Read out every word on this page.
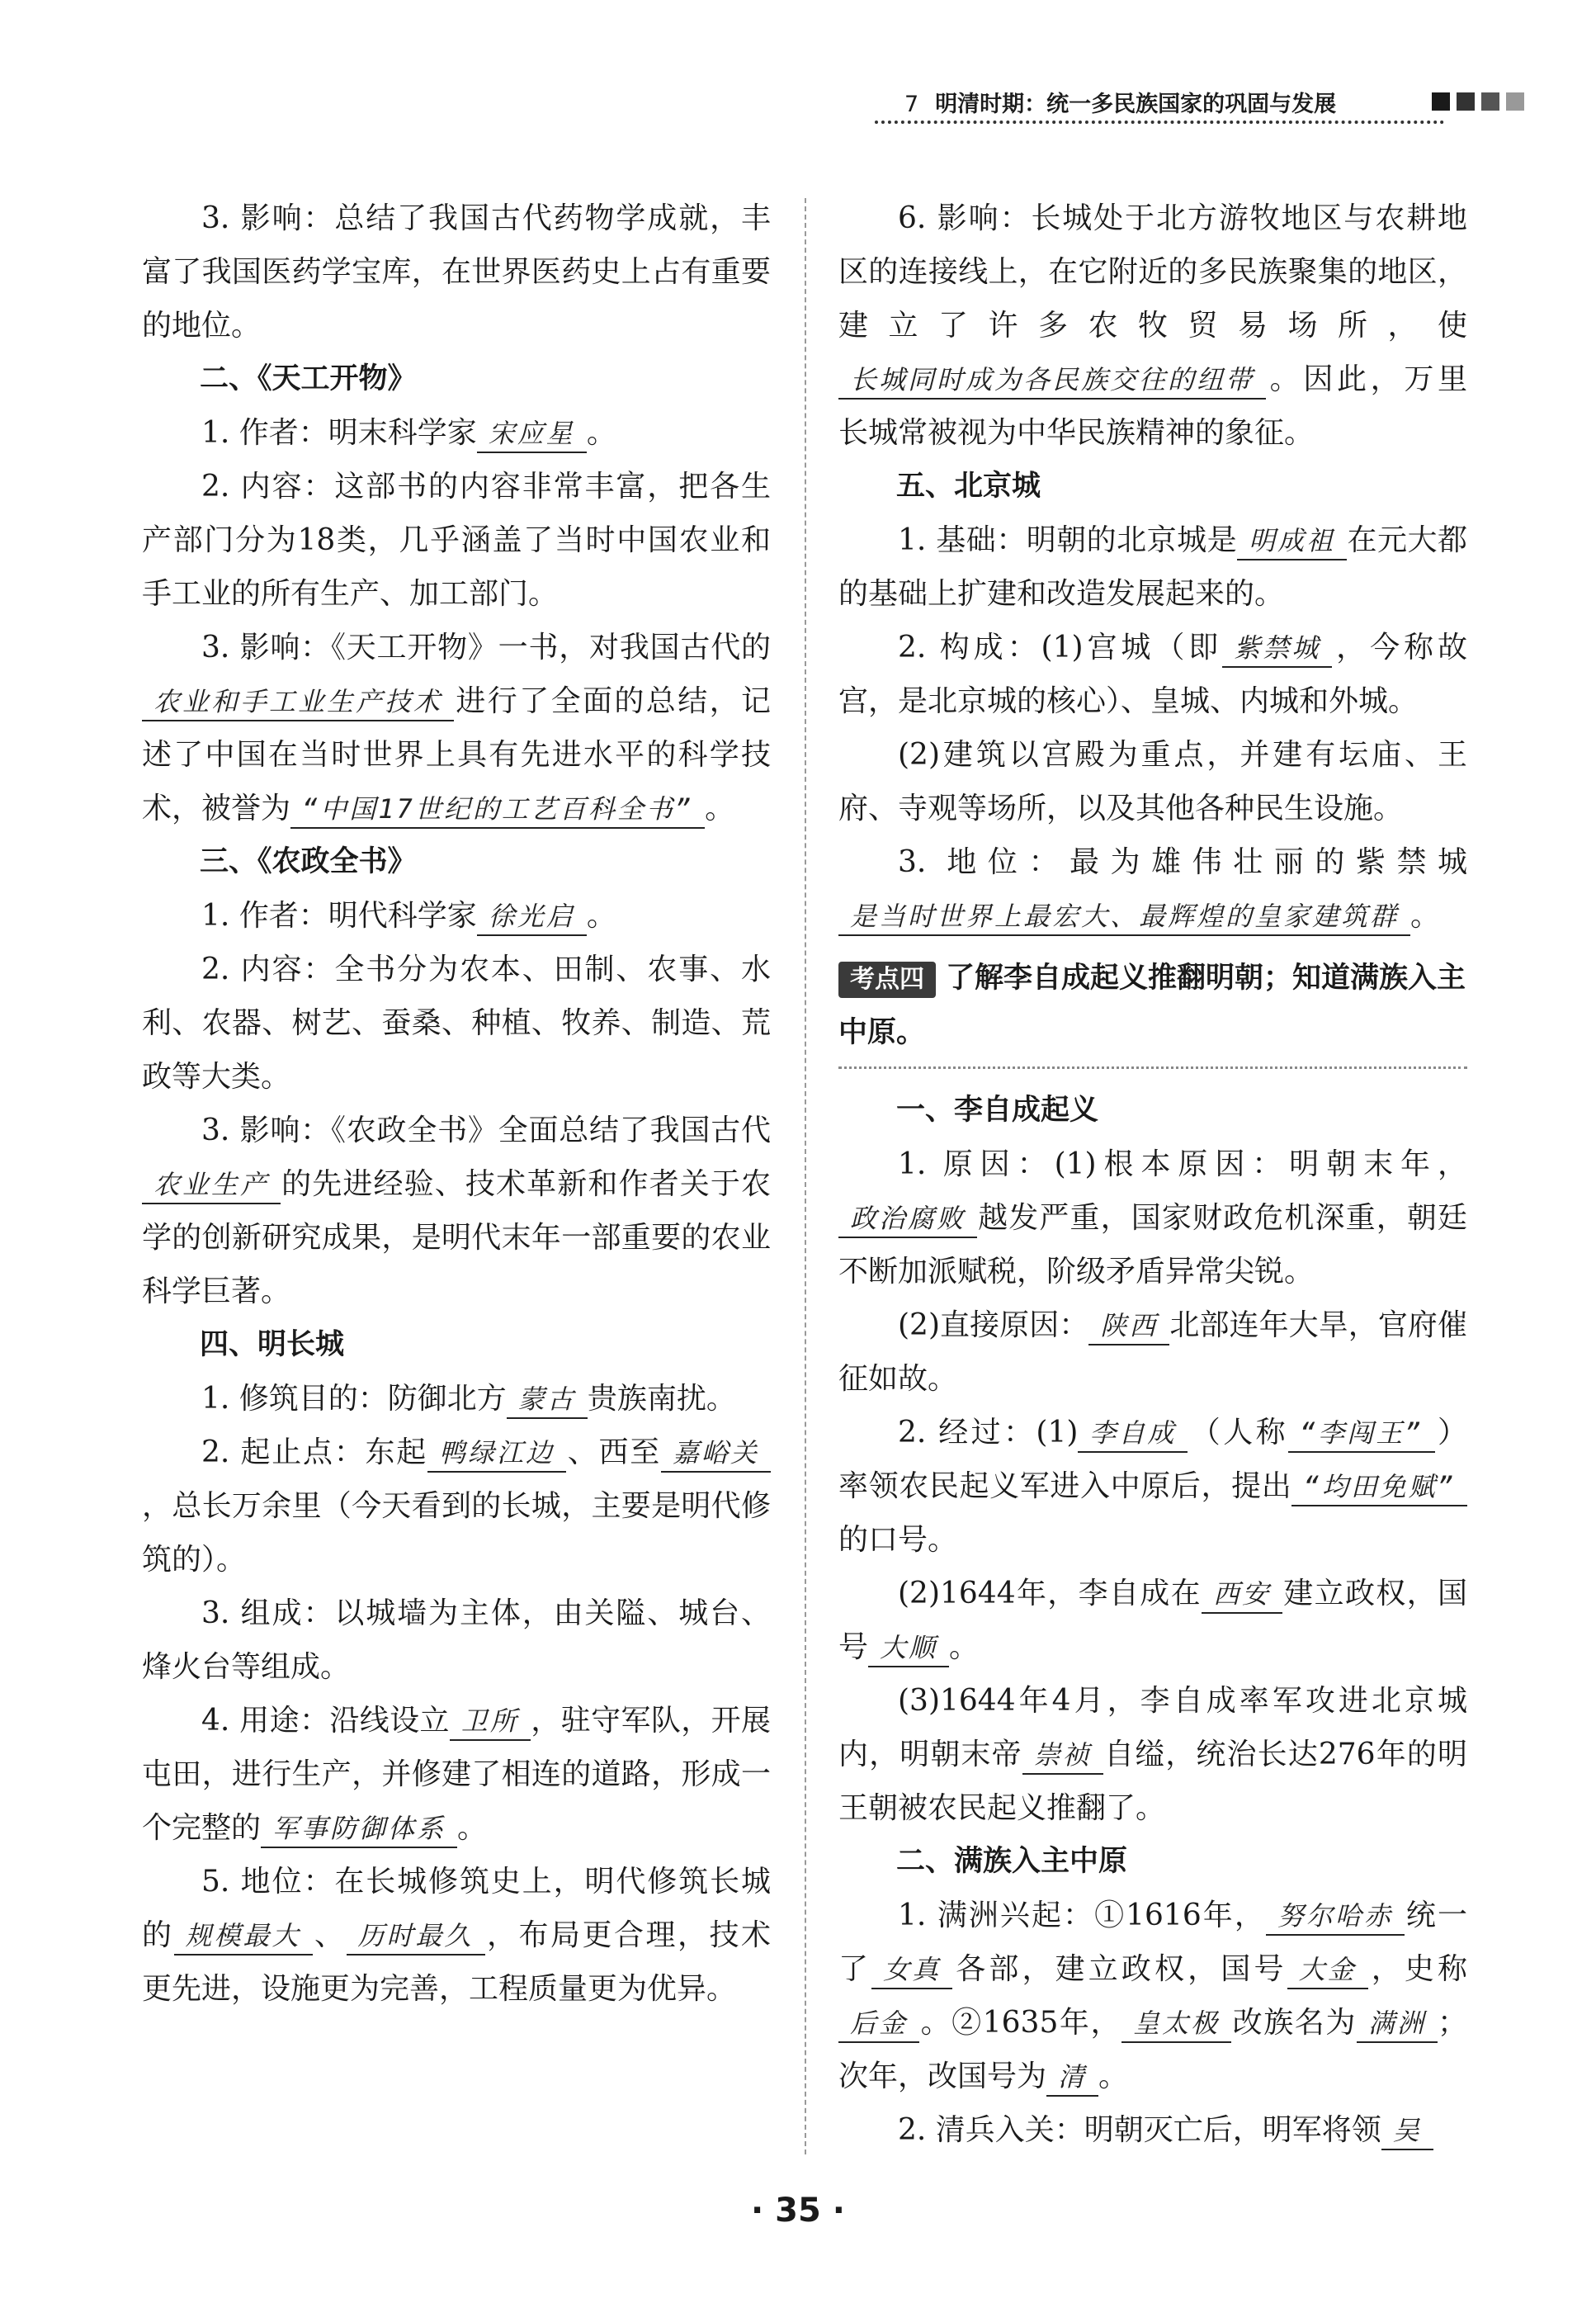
7 明清时期：统一多民族国家的巩固与发展

3. 影响：总结了我国古代药物学成就，丰富了我国医药学宝库，在世界医药史上占有重要的地位。

二、《天工开物》

1. 作者：明末科学家 宋应星 。

2. 内容：这部书的内容非常丰富，把各生产部门分为18类，几乎涵盖了当时中国农业和手工业的所有生产、加工部门。

3. 影响：《天工开物》一书，对我国古代的农业和手工业生产技术 进行了全面的总结，记述了中国在当时世界上具有先进水平的科学技术，被誉为 “中国17世纪的工艺百科全书” 。

三、《农政全书》

1. 作者：明代科学家 徐光启 。

2. 内容：全书分为农本、田制、农事、水利、农器、树艺、蚕桑、种植、牧养、制造、荒政等大类。

3. 影响：《农政全书》全面总结了我国古代农业生产 的先进经验、技术革新和作者关于农学的创新研究成果，是明代末年一部重要的农业科学巨著。

四、明长城

1. 修筑目的：防御北方 蒙古 贵族南扰。

2. 起止点：东起 鸭绿江边 、西至 嘉峪关，总长万余里（今天看到的长城，主要是明代修筑的）。

3. 组成：以城墙为主体，由关隘、城台、烽火台等组成。

4. 用途：沿线设立 卫所 ，驻守军队，开展屯田，进行生产，并修建了相连的道路，形成一个完整的 军事防御体系 。

5. 地位：在长城修筑史上，明代修筑长城的 规模最大 、 历时最久 ，布局更合理，技术更先进，设施更为完善，工程质量更为优异。

6. 影响：长城处于北方游牧地区与农耕地区的连接线上，在它附近的多民族聚集的地区，建立了许多农牧贸易场所，使长城同时成为各民族交往的纽带 。因此，万里长城常被视为中华民族精神的象征。

五、北京城

1. 基础：明朝的北京城是 明成祖 在元大都的基础上扩建和改造发展起来的。

2. 构成：(1)宫城（即 紫禁城 ，今称故宫，是北京城的核心）、皇城、内城和外城。

(2)建筑以宫殿为重点，并建有坛庙、王府、寺观等场所，以及其他各种民生设施。

3. 地位：最为雄伟壮丽的紫禁城是当时世界上最宏大、最辉煌的皇家建筑群 。

考点四 了解李自成起义推翻明朝；知道满族入主中原。

一、李自成起义

1. 原因：(1)根本原因：明朝末年，政治腐败 越发严重，国家财政危机深重，朝廷不断加派赋税，阶级矛盾异常尖锐。

(2)直接原因： 陕西 北部连年大旱，官府催征如故。

2. 经过：(1) 李自成 （人称 “李闯王” ）率领农民起义军进入中原后，提出 “均田免赋”的口号。

(2)1644年，李自成在 西安 建立政权，国号 大顺 。

(3)1644年4月，李自成率军攻进北京城内，明朝末帝 崇祯 自缢，统治长达276年的明王朝被农民起义推翻了。

二、满族入主中原

1. 满洲兴起：①1616年， 努尔哈赤 统一了 女真 各部，建立政权，国号 大金 ，史称后金 。②1635年， 皇太极 改族名为 满洲 ；次年，改国号为 清 。

2. 清兵入关：明朝灭亡后，明军将领 吴

· 35 ·
